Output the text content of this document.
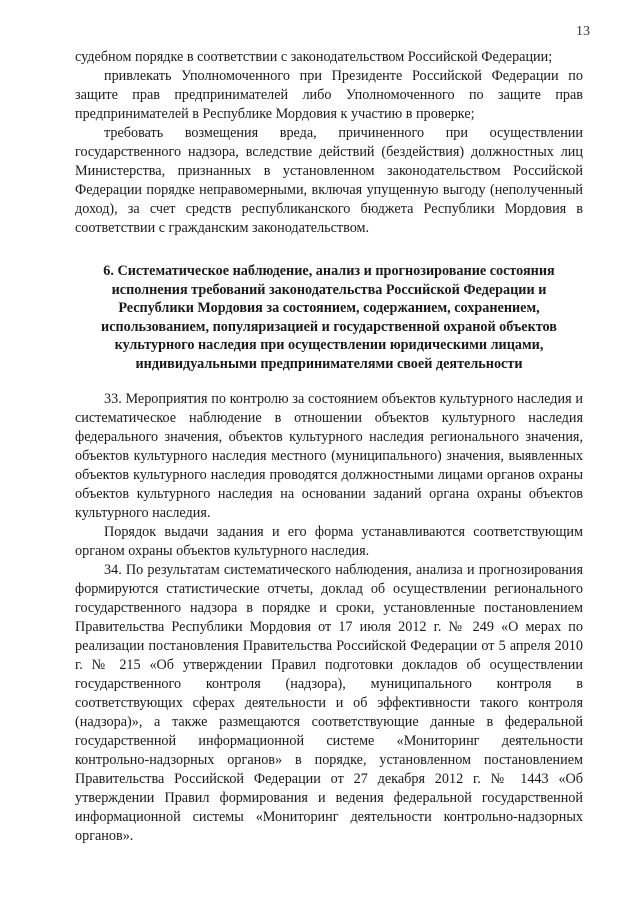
13

судебном порядке в соответствии с законодательством Российской Федерации;

привлекать Уполномоченного при Президенте Российской Федерации по защите прав предпринимателей либо Уполномоченного по защите прав предпринимателей в Республике Мордовия к участию в проверке;

требовать возмещения вреда, причиненного при осуществлении государственного надзора, вследствие действий (бездействия) должностных лиц Министерства, признанных в установленном законодательством Российской Федерации порядке неправомерными, включая упущенную выгоду (неполученный доход), за счет средств республиканского бюджета Республики Мордовия в соответствии с гражданским законодательством.

6. Систематическое наблюдение, анализ и прогнозирование состояния исполнения требований законодательства Российской Федерации и Республики Мордовия за состоянием, содержанием, сохранением, использованием, популяризацией и государственной охраной объектов культурного наследия при осуществлении юридическими лицами, индивидуальными предпринимателями своей деятельности

33. Мероприятия по контролю за состоянием объектов культурного наследия и систематическое наблюдение в отношении объектов культурного наследия федерального значения, объектов культурного наследия регионального значения, объектов культурного наследия местного (муниципального) значения, выявленных объектов культурного наследия проводятся должностными лицами органов охраны объектов культурного наследия на основании заданий органа охраны объектов культурного наследия.

Порядок выдачи задания и его форма устанавливаются соответствующим органом охраны объектов культурного наследия.

34. По результатам систематического наблюдения, анализа и прогнозирования формируются статистические отчеты, доклад об осуществлении регионального государственного надзора в порядке и сроки, установленные постановлением Правительства Республики Мордовия от 17 июля 2012 г. № 249 «О мерах по реализации постановления Правительства Российской Федерации от 5 апреля 2010 г. № 215 «Об утверждении Правил подготовки докладов об осуществлении государственного контроля (надзора), муниципального контроля в соответствующих сферах деятельности и об эффективности такого контроля (надзора)», а также размещаются соответствующие данные в федеральной государственной информационной системе «Мониторинг деятельности контрольно-надзорных органов» в порядке, установленном постановлением Правительства Российской Федерации от 27 декабря 2012 г. № 1443 «Об утверждении Правил формирования и ведения федеральной государственной информационной системы «Мониторинг деятельности контрольно-надзорных органов».
